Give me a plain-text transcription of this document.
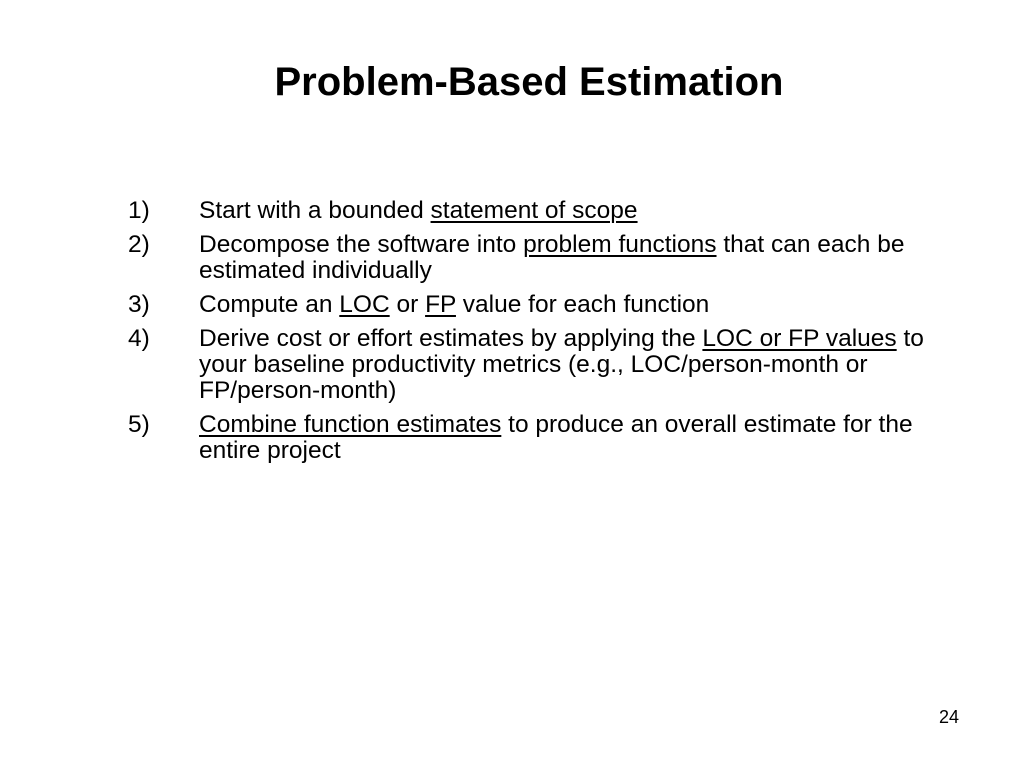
Problem-Based Estimation
1) Start with a bounded statement of scope
2) Decompose the software into problem functions that can each be estimated individually
3) Compute an LOC or FP value for each function
4) Derive cost or effort estimates by applying the LOC or FP values to your baseline productivity metrics (e.g., LOC/person-month or FP/person-month)
5) Combine function estimates to produce an overall estimate for the entire project
24
